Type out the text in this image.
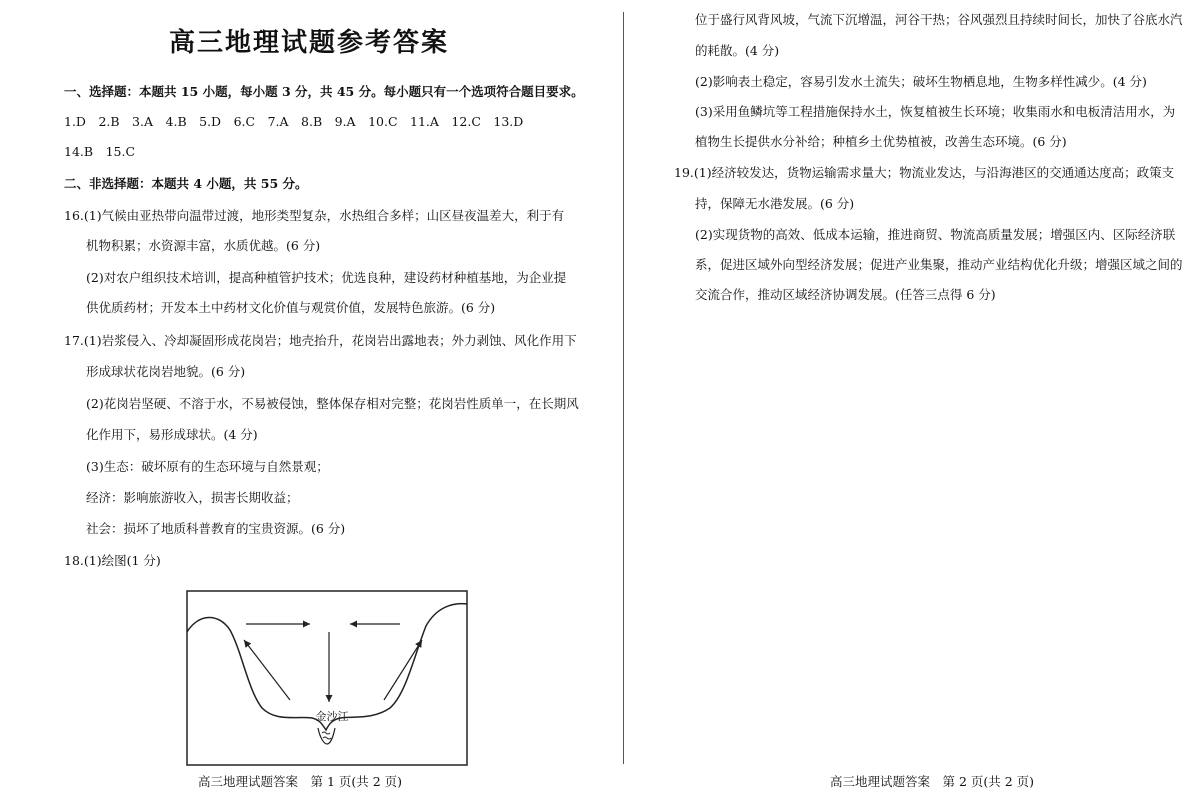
高三地理试题参考答案
一、选择题：本题共 15 小题，每小题 3 分，共 45 分。每小题只有一个选项符合题目要求。
1.D　2.B　3.A　4.B　5.D　6.C　7.A　8.B　9.A　10.C　11.A　12.C　13.D
14.B　15.C
二、非选择题：本题共 4 小题，共 55 分。
16.(1)气候由亚热带向温带过渡，地形类型复杂，水热组合多样；山区昼夜温差大，利于有
机物积累；水资源丰富，水质优越。(6 分)
(2)对农户组织技术培训，提高种植管护技术；优选良种，建设药材种植基地，为企业提
供优质药材；开发本土中药材文化价值与观赏价值，发展特色旅游。(6 分)
17.(1)岩浆侵入、冷却凝固形成花岗岩；地壳抬升，花岗岩出露地表；外力剥蚀、风化作用下
形成球状花岗岩地貌。(6 分)
(2)花岗岩坚硬、不溶于水，不易被侵蚀，整体保存相对完整；花岗岩性质单一，在长期风
化作用下，易形成球状。(4 分)
(3)生态：破坏原有的生态环境与自然景观；
经济：影响旅游收入，损害长期收益；
社会：损坏了地质科普教育的宝贵资源。(6 分)
18.(1)绘图(1 分)
金沙江
高三地理试题答案　第 1 页(共 2 页)
位于盛行风背风坡，气流下沉增温，河谷干热；谷风强烈且持续时间长，加快了谷底水汽
的耗散。(4 分)
(2)影响表土稳定，容易引发水土流失；破坏生物栖息地，生物多样性减少。(4 分)
(3)采用鱼鳞坑等工程措施保持水土，恢复植被生长环境；收集雨水和电板清洁用水，为
植物生长提供水分补给；种植乡土优势植被，改善生态环境。(6 分)
19.(1)经济较发达，货物运输需求量大；物流业发达，与沿海港区的交通通达度高；政策支
持，保障无水港发展。(6 分)
(2)实现货物的高效、低成本运输，推进商贸、物流高质量发展；增强区内、区际经济联
系，促进区域外向型经济发展；促进产业集聚，推动产业结构优化升级；增强区域之间的
交流合作，推动区域经济协调发展。(任答三点得 6 分)
高三地理试题答案　第 2 页(共 2 页)
